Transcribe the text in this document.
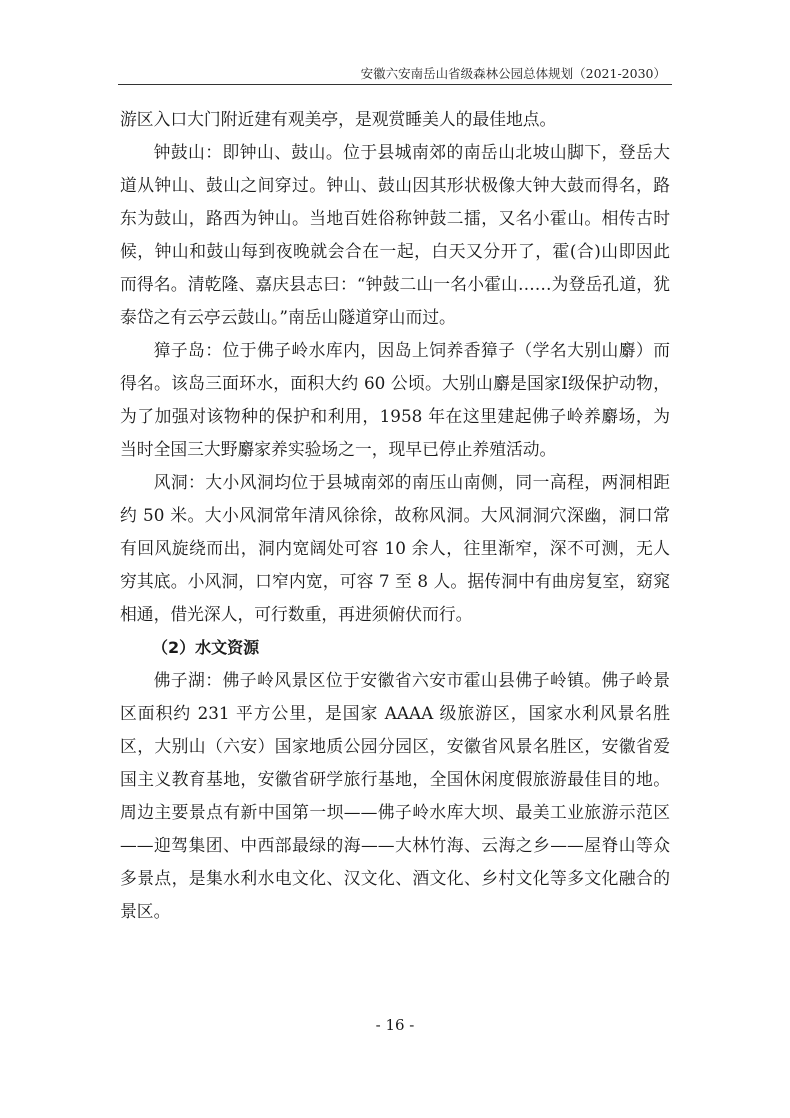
安徽六安南岳山省级森林公园总体规划（2021-2030）

游区入口大门附近建有观美亭，是观赏睡美人的最佳地点。

钟鼓山：即钟山、鼓山。位于县城南郊的南岳山北坡山脚下，登岳大道从钟山、鼓山之间穿过。钟山、鼓山因其形状极像大钟大鼓而得名，路东为鼓山，路西为钟山。当地百姓俗称钟鼓二擂，又名小霍山。相传古时候，钟山和鼓山每到夜晚就会合在一起，白天又分开了，霍(合)山即因此而得名。清乾隆、嘉庆县志曰：“钟鼓二山一名小霍山……为登岳孔道，犹泰岱之有云亭云鼓山。”南岳山隧道穿山而过。

獐子岛：位于佛子岭水库内，因岛上饲养香獐子（学名大别山麝）而得名。该岛三面环水，面积大约 60 公顷。大别山麝是国家Ⅰ级保护动物，为了加强对该物种的保护和利用，1958 年在这里建起佛子岭养麝场，为当时全国三大野麝家养实验场之一，现早已停止养殖活动。

风洞：大小风洞均位于县城南郊的南压山南侧，同一高程，两洞相距约 50 米。大小风洞常年清风徐徐，故称风洞。大风洞洞穴深幽，洞口常有回风旋绕而出，洞内宽阔处可容 10 余人，往里渐窄，深不可测，无人穷其底。小风洞，口窄内宽，可容 7 至 8 人。据传洞中有曲房复室，窈窕相通，借光深人，可行数重，再进须俯伏而行。

（2）水文资源

佛子湖：佛子岭风景区位于安徽省六安市霍山县佛子岭镇。佛子岭景区面积约 231 平方公里，是国家 AAAA 级旅游区，国家水利风景名胜区，大别山（六安）国家地质公园分园区，安徽省风景名胜区，安徽省爱国主义教育基地，安徽省研学旅行基地，全国休闲度假旅游最佳目的地。周边主要景点有新中国第一坝——佛子岭水库大坝、最美工业旅游示范区——迎驾集团、中西部最绿的海——大林竹海、云海之乡——屋脊山等众多景点，是集水利水电文化、汉文化、酒文化、乡村文化等多文化融合的景区。

- 16 -
